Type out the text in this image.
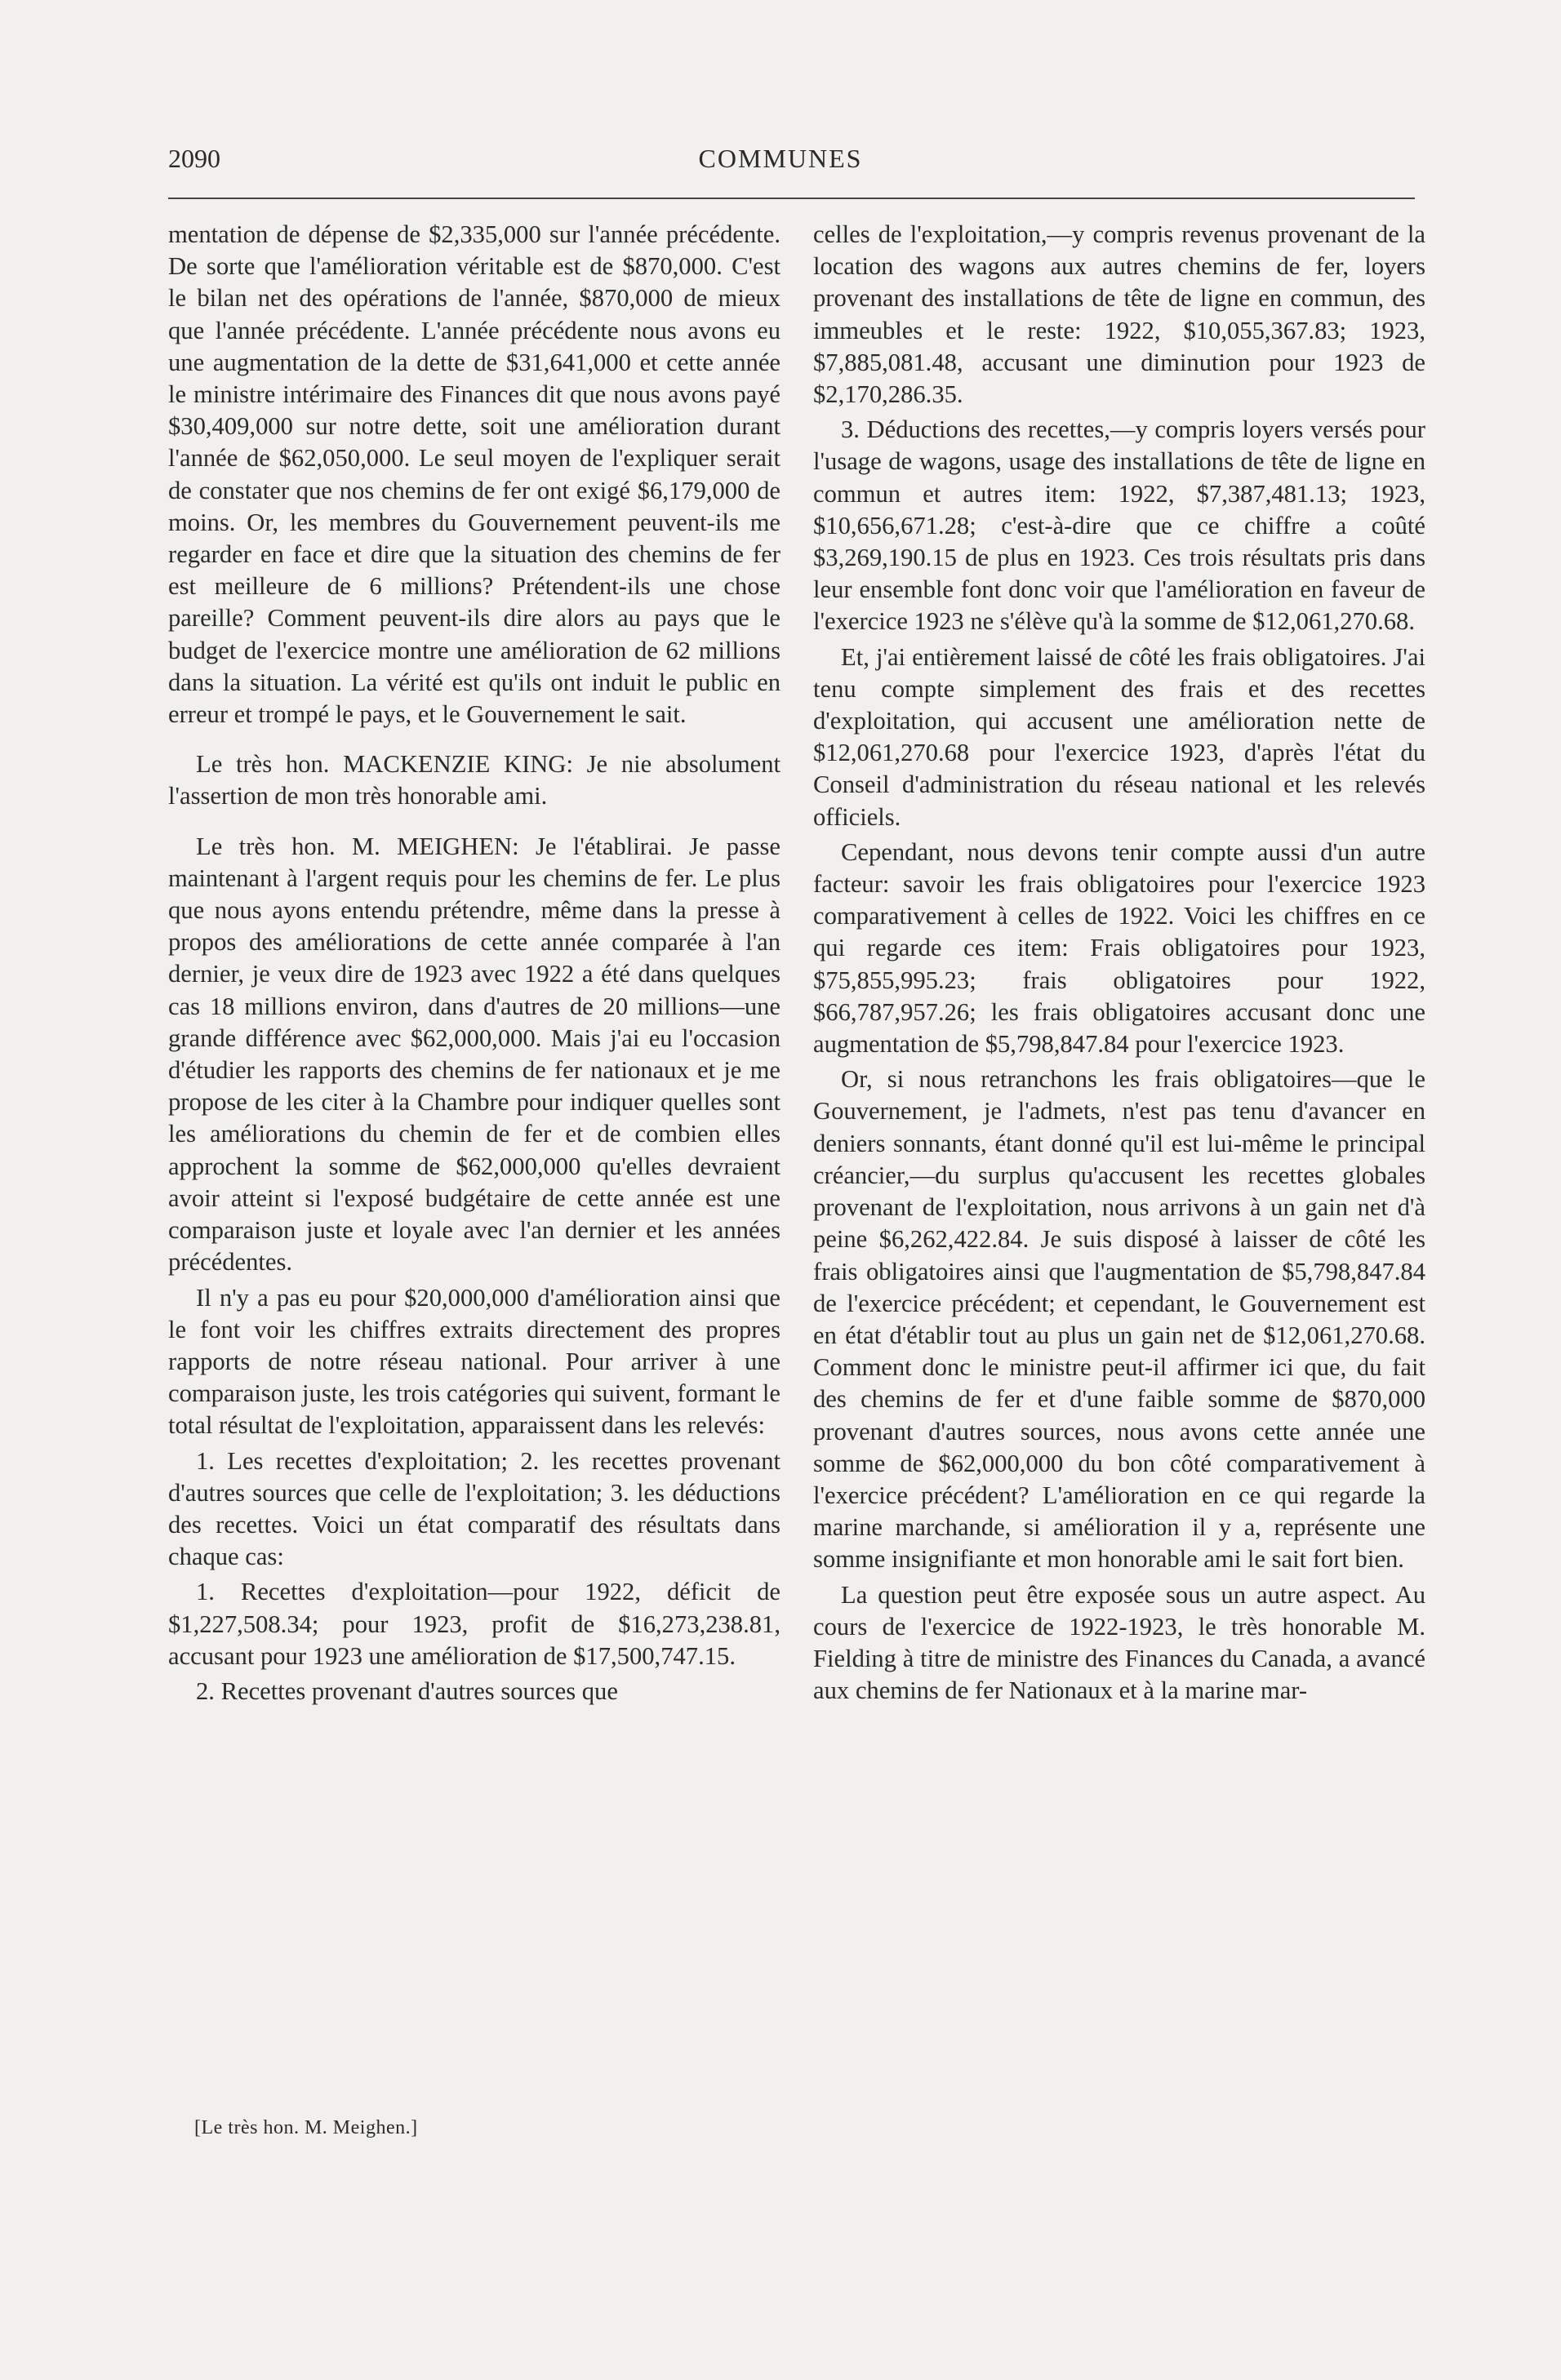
2090	COMMUNES

mentation de dépense de $2,335,000 sur l'année précédente. De sorte que l'amélioration véritable est de $870,000. C'est le bilan net des opérations de l'année, $870,000 de mieux que l'année précédente. L'année précédente nous avons eu une augmentation de la dette de $31,641,000 et cette année le ministre intérimaire des Finances dit que nous avons payé $30,409,000 sur notre dette, soit une amélioration durant l'année de $62,050,000. Le seul moyen de l'expliquer serait de constater que nos chemins de fer ont exigé $6,179,000 de moins. Or, les membres du Gouvernement peuvent-ils me regarder en face et dire que la situation des chemins de fer est meilleure de 6 millions? Prétendent-ils une chose pareille? Comment peuvent-ils dire alors au pays que le budget de l'exercice montre une amélioration de 62 millions dans la situation. La vérité est qu'ils ont induit le public en erreur et trompé le pays, et le Gouvernement le sait.

Le très hon. MACKENZIE KING: Je nie absolument l'assertion de mon très honorable ami.

Le très hon. M. MEIGHEN: Je l'établirai. Je passe maintenant à l'argent requis pour les chemins de fer. Le plus que nous ayons entendu prétendre, même dans la presse à propos des améliorations de cette année comparée à l'an dernier, je veux dire de 1923 avec 1922 a été dans quelques cas 18 millions environ, dans d'autres de 20 millions—une grande différence avec $62,000,000. Mais j'ai eu l'occasion d'étudier les rapports des chemins de fer nationaux et je me propose de les citer à la Chambre pour indiquer quelles sont les améliorations du chemin de fer et de combien elles approchent la somme de $62,000,000 qu'elles devraient avoir atteint si l'exposé budgétaire de cette année est une comparaison juste et loyale avec l'an dernier et les années précédentes.

Il n'y a pas eu pour $20,000,000 d'amélioration ainsi que le font voir les chiffres extraits directement des propres rapports de notre réseau national. Pour arriver à une comparaison juste, les trois catégories qui suivent, formant le total résultat de l'exploitation, apparaissent dans les relevés:

1. Les recettes d'exploitation; 2. les recettes provenant d'autres sources que celle de l'exploitation; 3. les déductions des recettes. Voici un état comparatif des résultats dans chaque cas:

1. Recettes d'exploitation—pour 1922, déficit de $1,227,508.34; pour 1923, profit de $16,273,238.81, accusant pour 1923 une amélioration de $17,500,747.15.

2. Recettes provenant d'autres sources que

celles de l'exploitation,—y compris revenus provenant de la location des wagons aux autres chemins de fer, loyers provenant des installations de tête de ligne en commun, des immeubles et le reste: 1922, $10,055,367.83; 1923, $7,885,081.48, accusant une diminution pour 1923 de $2,170,286.35.

3. Déductions des recettes,—y compris loyers versés pour l'usage de wagons, usage des installations de tête de ligne en commun et autres item: 1922, $7,387,481.13; 1923, $10,656,671.28; c'est-à-dire que ce chiffre a coûté $3,269,190.15 de plus en 1923. Ces trois résultats pris dans leur ensemble font donc voir que l'amélioration en faveur de l'exercice 1923 ne s'élève qu'à la somme de $12,061,270.68.

Et, j'ai entièrement laissé de côté les frais obligatoires. J'ai tenu compte simplement des frais et des recettes d'exploitation, qui accusent une amélioration nette de $12,061,270.68 pour l'exercice 1923, d'après l'état du Conseil d'administration du réseau national et les relevés officiels.

Cependant, nous devons tenir compte aussi d'un autre facteur: savoir les frais obligatoires pour l'exercice 1923 comparativement à celles de 1922. Voici les chiffres en ce qui regarde ces item: Frais obligatoires pour 1923, $75,855,995.23; frais obligatoires pour 1922, $66,787,957.26; les frais obligatoires accusant donc une augmentation de $5,798,847.84 pour l'exercice 1923.

Or, si nous retranchons les frais obligatoires—que le Gouvernement, je l'admets, n'est pas tenu d'avancer en deniers sonnants, étant donné qu'il est lui-même le principal créancier,—du surplus qu'accusent les recettes globales provenant de l'exploitation, nous arrivons à un gain net d'à peine $6,262,422.84. Je suis disposé à laisser de côté les frais obligatoires ainsi que l'augmentation de $5,798,847.84 de l'exercice précédent; et cependant, le Gouvernement est en état d'établir tout au plus un gain net de $12,061,270.68. Comment donc le ministre peut-il affirmer ici que, du fait des chemins de fer et d'une faible somme de $870,000 provenant d'autres sources, nous avons cette année une somme de $62,000,000 du bon côté comparativement à l'exercice précédent? L'amélioration en ce qui regarde la marine marchande, si amélioration il y a, représente une somme insignifiante et mon honorable ami le sait fort bien.

La question peut être exposée sous un autre aspect. Au cours de l'exercice de 1922-1923, le très honorable M. Fielding à titre de ministre des Finances du Canada, a avancé aux chemins de fer Nationaux et à la marine mar-

[Le très hon. M. Meighen.]
